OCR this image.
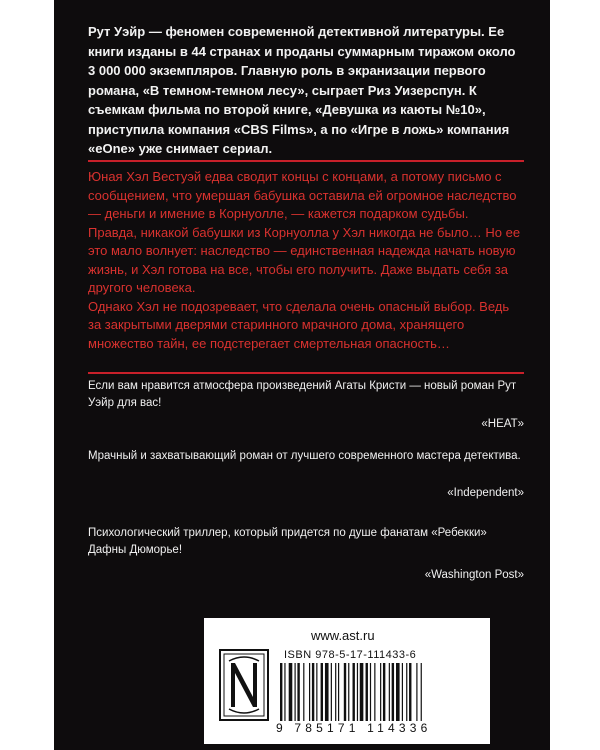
Рут Уэйр — феномен современной детективной литературы. Ее книги изданы в 44 странах и проданы суммарным тиражом около 3 000 000 экземпляров. Главную роль в экранизации первого романа, «В темном-темном лесу», сыграет Риз Уизерспун. К съемкам фильма по второй книге, «Девушка из каюты №10», приступила компания «CBS Films», а по «Игре в ложь» компания «eOne» уже снимает сериал.

Юная Хэл Вестуэй едва сводит концы с концами, а потому письмо с сообщением, что умершая бабушка оставила ей огромное наследство — деньги и имение в Корнуолле, — кажется подарком судьбы.
Правда, никакой бабушки из Корнуолла у Хэл никогда не было… Но ее это мало волнует: наследство — единственная надежда начать новую жизнь, и Хэл готова на все, чтобы его получить. Даже выдать себя за другого человека.
Однако Хэл не подозревает, что сделала очень опасный выбор. Ведь за закрытыми дверями старинного мрачного дома, хранящего множество тайн, ее подстерегает смертельная опасность…

Если вам нравится атмосфера произведений Агаты Кристи — новый роман Рут Уэйр для вас!

«HEAT»

Мрачный и захватывающий роман от лучшего современного мастера детектива.

«Independent»

Психологический триллер, который придется по душе фанатам «Ребекки» Дафны Дюморье!

«Washington Post»
www.ast.ru
ISBN 978-5-17-111433-6
9 785171 114336
